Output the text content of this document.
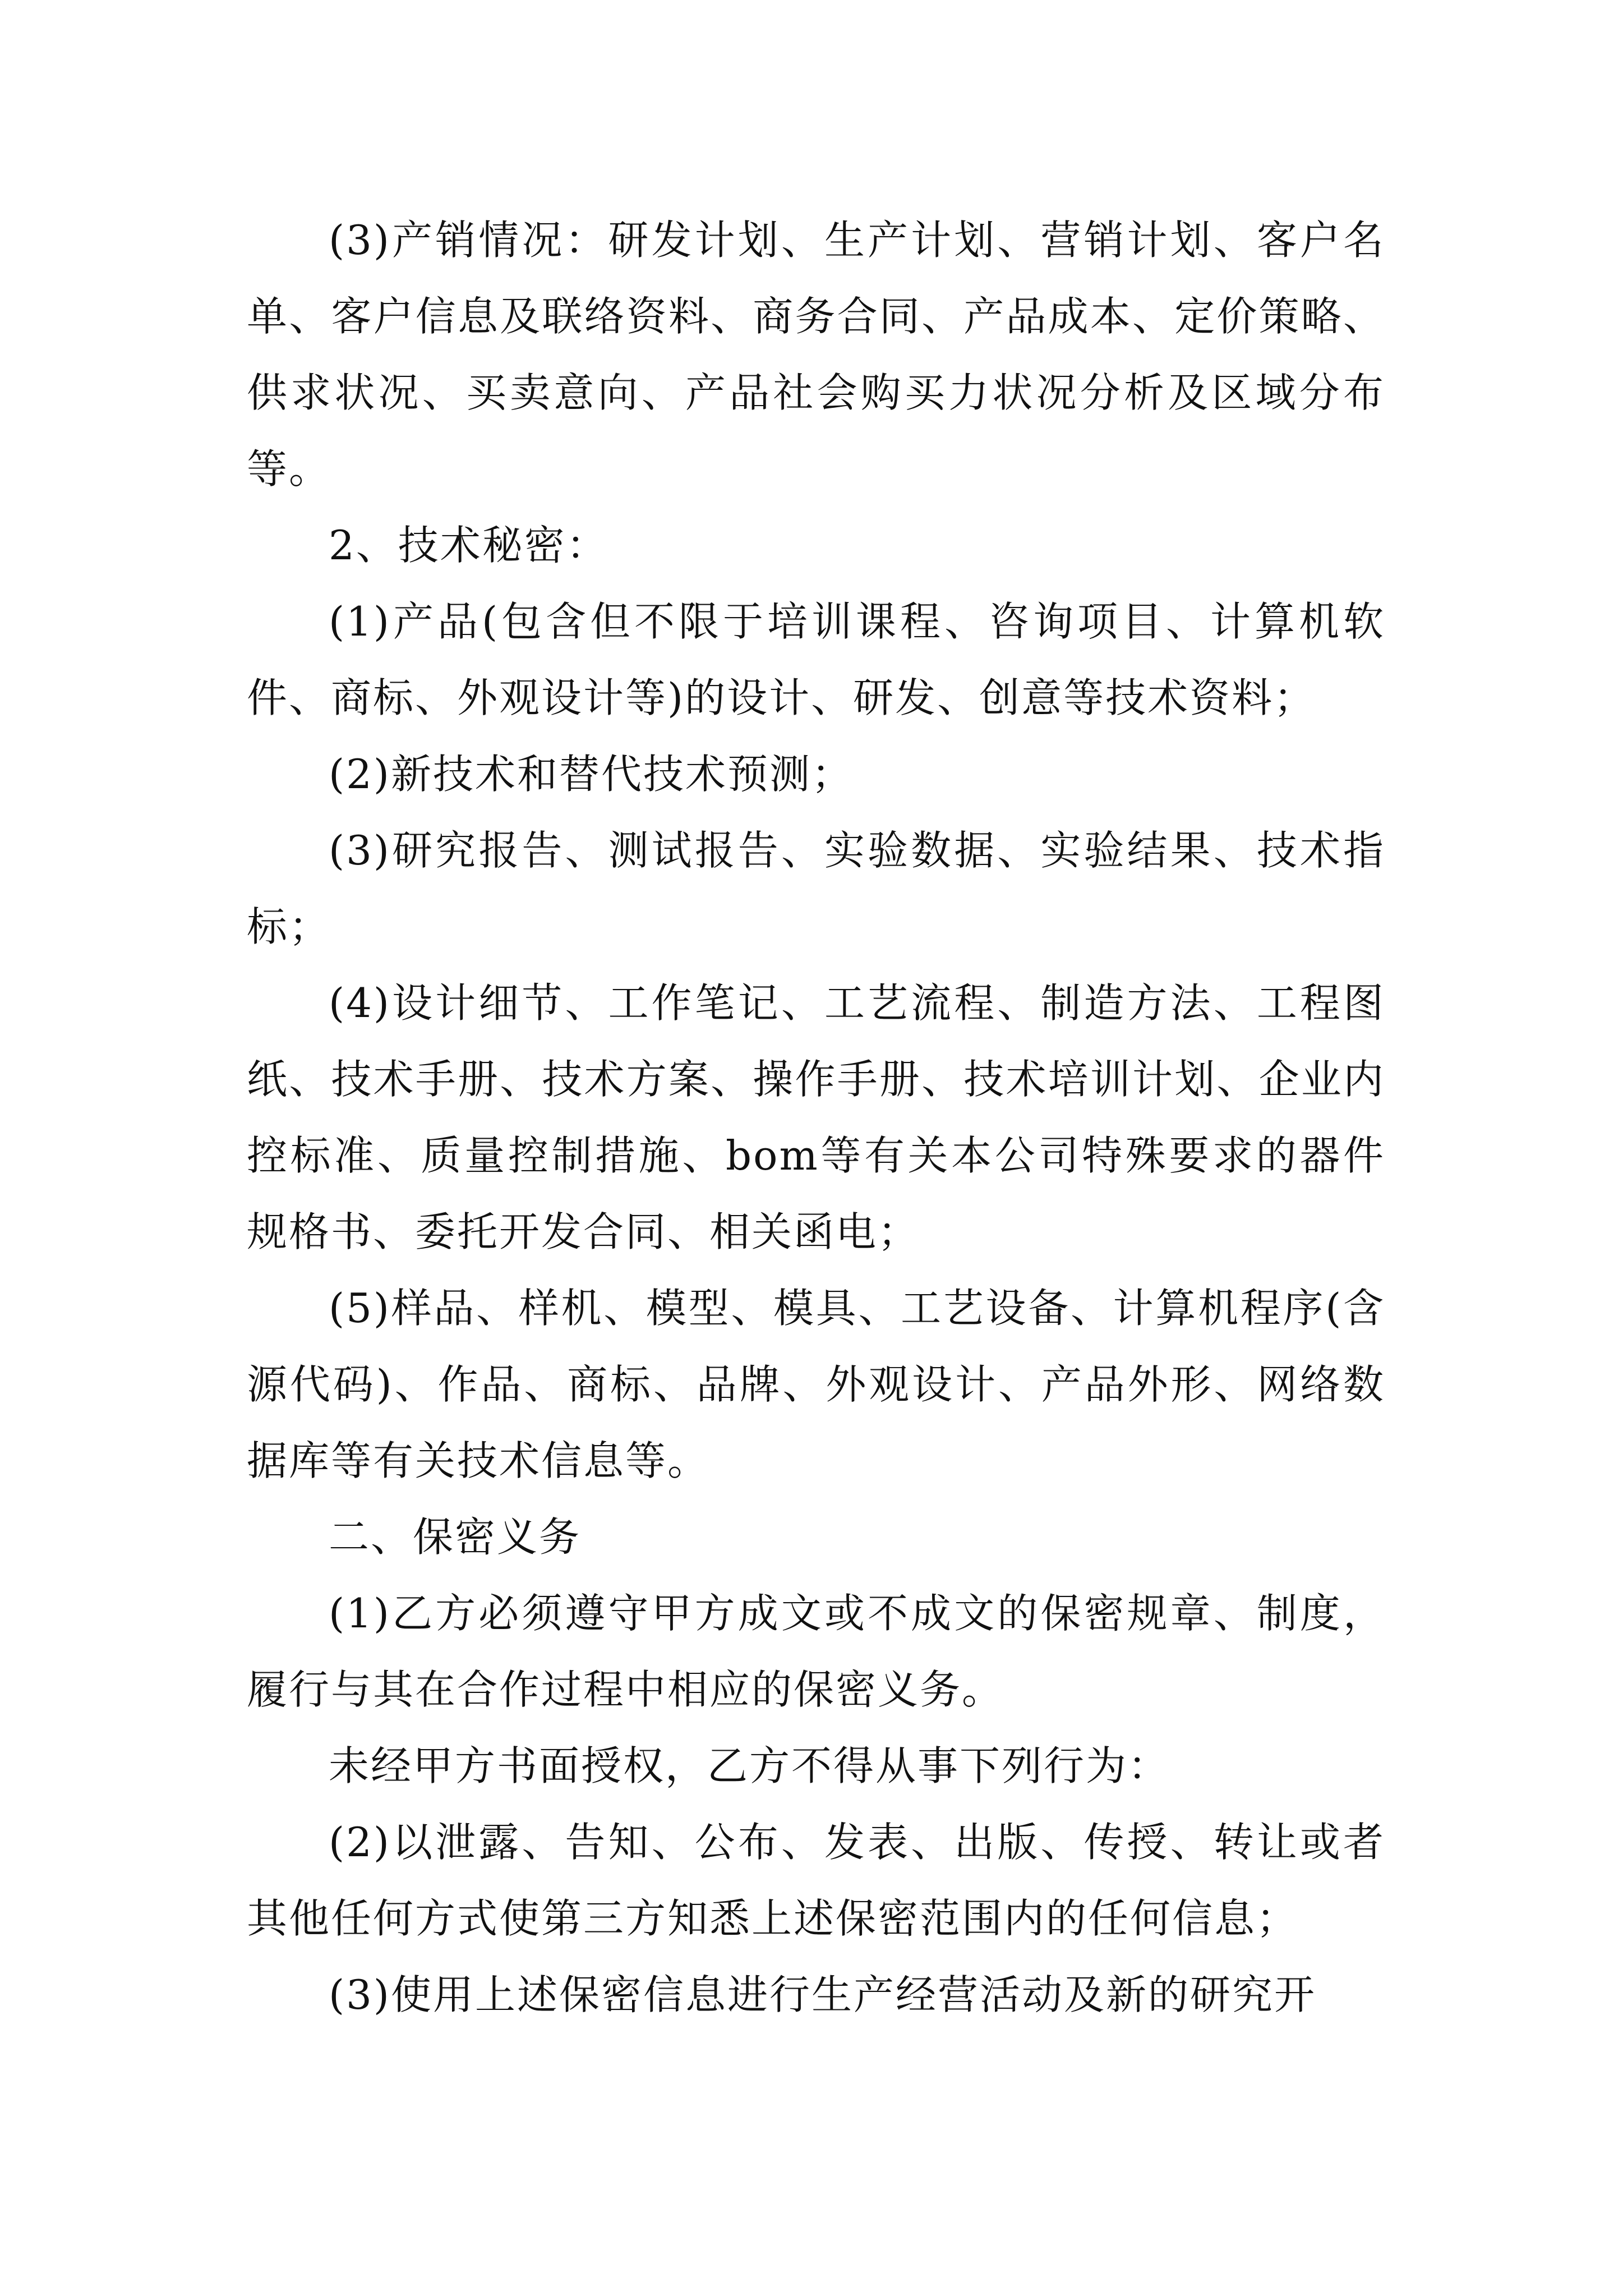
(3)产销情况：研发计划、生产计划、营销计划、客户名单、客户信息及联络资料、商务合同、产品成本、定价策略、供求状况、买卖意向、产品社会购买力状况分析及区域分布等。

2、技术秘密：

(1)产品(包含但不限于培训课程、咨询项目、计算机软件、商标、外观设计等)的设计、研发、创意等技术资料；

(2)新技术和替代技术预测；

(3)研究报告、测试报告、实验数据、实验结果、技术指标；

(4)设计细节、工作笔记、工艺流程、制造方法、工程图纸、技术手册、技术方案、操作手册、技术培训计划、企业内控标准、质量控制措施、bom等有关本公司特殊要求的器件规格书、委托开发合同、相关函电；

(5)样品、样机、模型、模具、工艺设备、计算机程序(含源代码)、作品、商标、品牌、外观设计、产品外形、网络数据库等有关技术信息等。

二、保密义务

(1)乙方必须遵守甲方成文或不成文的保密规章、制度，履行与其在合作过程中相应的保密义务。

未经甲方书面授权，乙方不得从事下列行为：

(2)以泄露、告知、公布、发表、出版、传授、转让或者其他任何方式使第三方知悉上述保密范围内的任何信息；

(3)使用上述保密信息进行生产经营活动及新的研究开
